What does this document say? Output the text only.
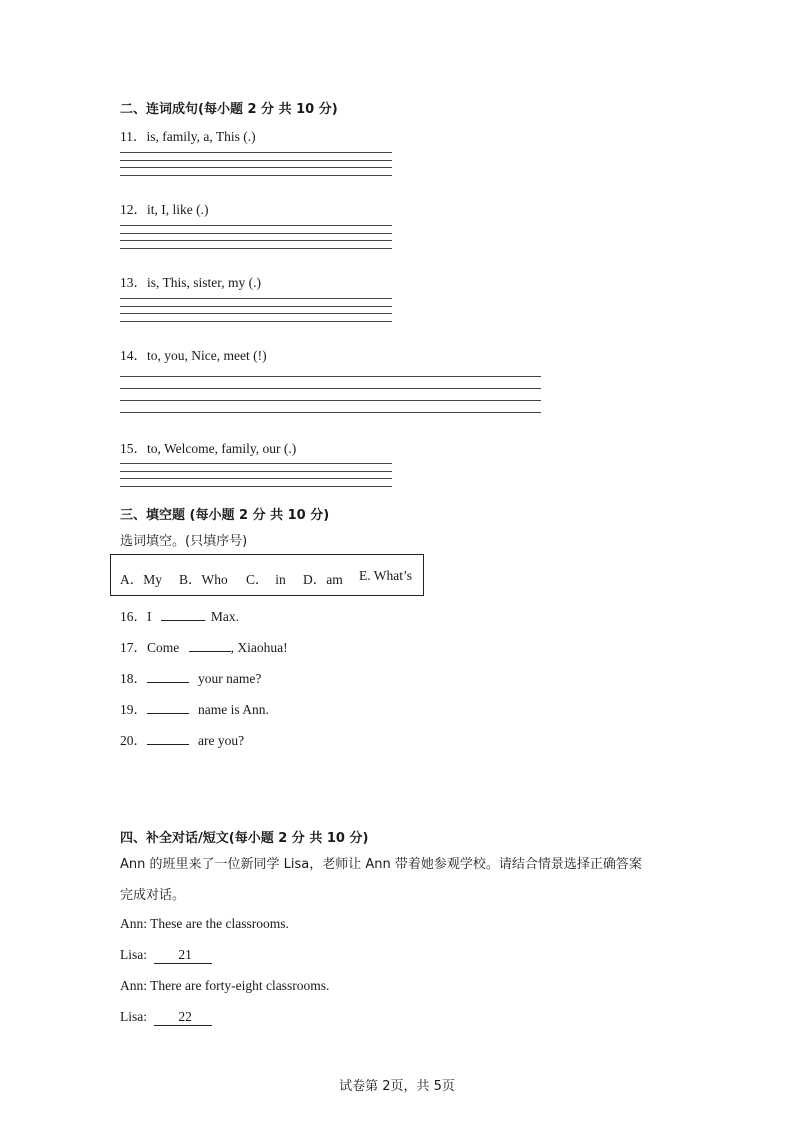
二、连词成句(每小题 2 分 共 10 分)
11．is, family, a, This (.)
12．it, I, like (.)
13．is, This, sister, my (.)
14．to, you, Nice, meet (!)
15．to, Welcome, family, our (.)
三、填空题 (每小题 2 分 共 10 分)
选词填空。(只填序号)
A．My B．Who C．  in D．am E. What’s
16．I	Max.
17．Come	, Xiaohua!
18．	your name?
19．	name is Ann.
20．	are you?
四、补全对话/短文(每小题 2 分 共 10 分)
Ann 的班里来了一位新同学 Lisa，老师让 Ann 带着她参观学校。请结合情景选择正确答案
完成对话。
Ann: These are the classrooms.
Lisa: 21
Ann: There are forty-eight classrooms.
Lisa: 22
试卷第 2页，共 5页
